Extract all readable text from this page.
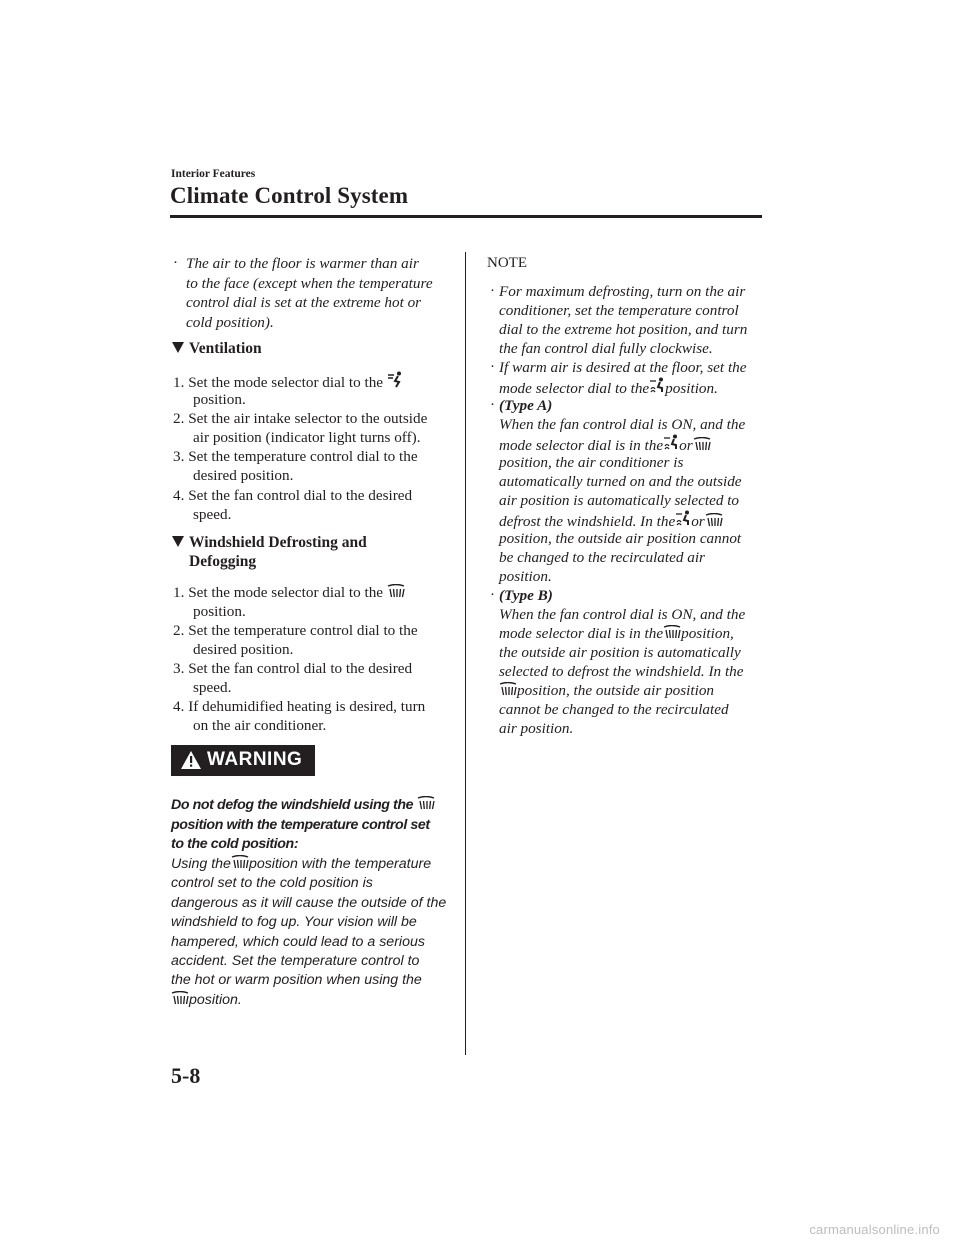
Interior Features
Climate Control System
· The air to the floor is warmer than air
to the face (except when the temperature
control dial is set at the extreme hot or
cold position).
Ventilation
1. Set the mode selector dial to the
position.
2. Set the air intake selector to the outside
air position (indicator light turns off).
3. Set the temperature control dial to the
desired position.
4. Set the fan control dial to the desired
speed.
Windshield Defrosting and
Defogging
1. Set the mode selector dial to the
position.
2. Set the temperature control dial to the
desired position.
3. Set the fan control dial to the desired
speed.
4. If dehumidified heating is desired, turn
on the air conditioner.
WARNING
Do not defog the windshield using the
position with the temperature control set
to the cold position:
Using the position with the temperature
control set to the cold position is
dangerous as it will cause the outside of the
windshield to fog up. Your vision will be
hampered, which could lead to a serious
accident. Set the temperature control to
the hot or warm position when using the
position.
NOTE
· For maximum defrosting, turn on the air
conditioner, set the temperature control
dial to the extreme hot position, and turn
the fan control dial fully clockwise.
· If warm air is desired at the floor, set the
mode selector dial to the position.
· (Type A)
When the fan control dial is ON, and the
mode selector dial is in the or
position, the air conditioner is
automatically turned on and the outside
air position is automatically selected to
defrost the windshield. In the or
position, the outside air position cannot
be changed to the recirculated air
position.
· (Type B)
When the fan control dial is ON, and the
mode selector dial is in the position,
the outside air position is automatically
selected to defrost the windshield. In the
position, the outside air position
cannot be changed to the recirculated
air position.
5-8
carmanualsonline.info
